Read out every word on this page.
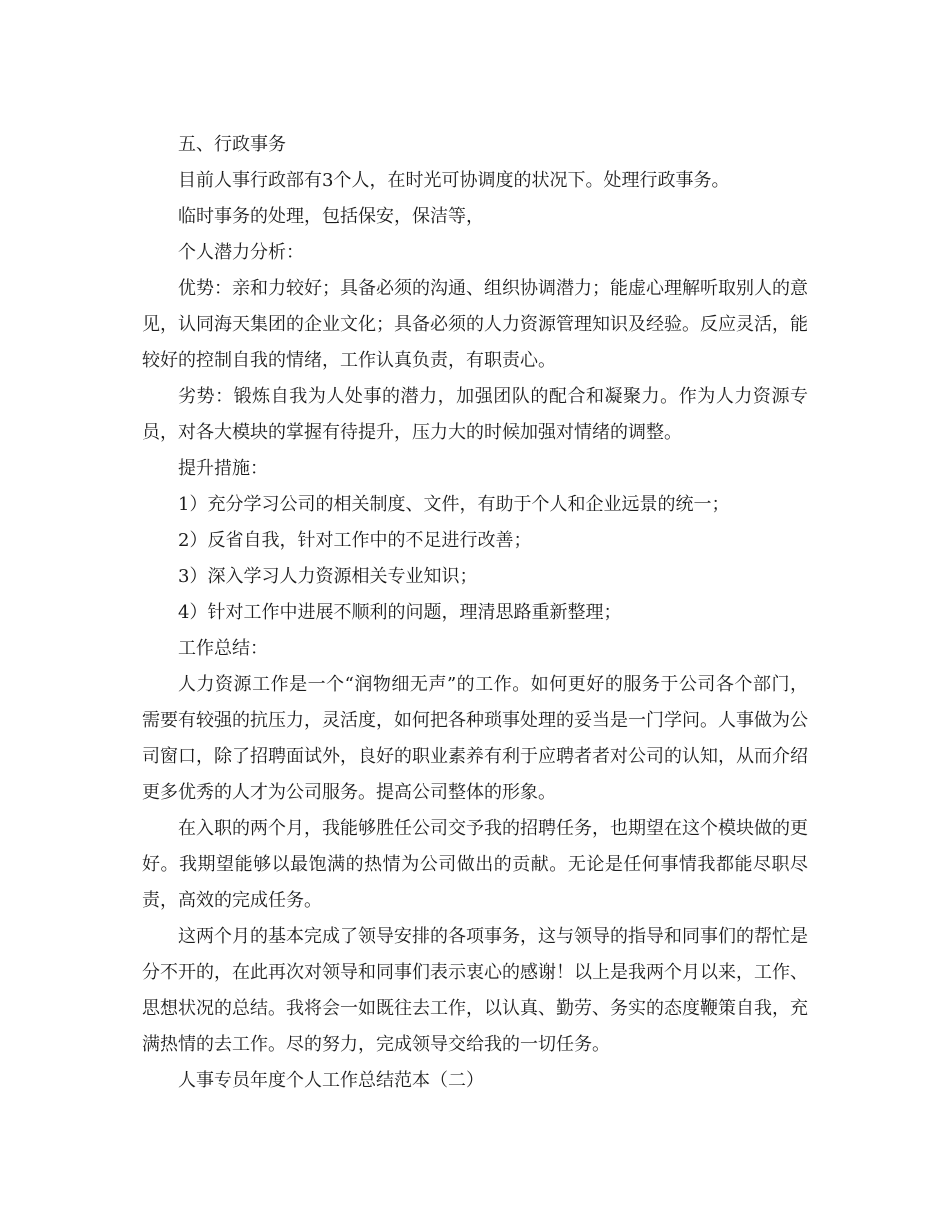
五、行政事务

目前人事行政部有3个人，在时光可协调度的状况下。处理行政事务。

临时事务的处理，包括保安，保洁等，

个人潜力分析：

优势：亲和力较好；具备必须的沟通、组织协调潜力；能虚心理解听取别人的意见，认同海天集团的企业文化；具备必须的人力资源管理知识及经验。反应灵活，能较好的控制自我的情绪，工作认真负责，有职责心。

劣势：锻炼自我为人处事的潜力，加强团队的配合和凝聚力。作为人力资源专员，对各大模块的掌握有待提升，压力大的时候加强对情绪的调整。

提升措施：

1）充分学习公司的相关制度、文件，有助于个人和企业远景的统一；

2）反省自我，针对工作中的不足进行改善；

3）深入学习人力资源相关专业知识；

4）针对工作中进展不顺利的问题，理清思路重新整理；

工作总结：

人力资源工作是一个“润物细无声”的工作。如何更好的服务于公司各个部门，需要有较强的抗压力，灵活度，如何把各种琐事处理的妥当是一门学问。人事做为公司窗口，除了招聘面试外，良好的职业素养有利于应聘者者对公司的认知，从而介绍更多优秀的人才为公司服务。提高公司整体的形象。

在入职的两个月，我能够胜任公司交予我的招聘任务，也期望在这个模块做的更好。我期望能够以最饱满的热情为公司做出的贡献。无论是任何事情我都能尽职尽责，高效的完成任务。

这两个月的基本完成了领导安排的各项事务，这与领导的指导和同事们的帮忙是分不开的，在此再次对领导和同事们表示衷心的感谢！以上是我两个月以来，工作、思想状况的总结。我将会一如既往去工作，以认真、勤劳、务实的态度鞭策自我，充满热情的去工作。尽的努力，完成领导交给我的一切任务。

人事专员年度个人工作总结范本（二）
